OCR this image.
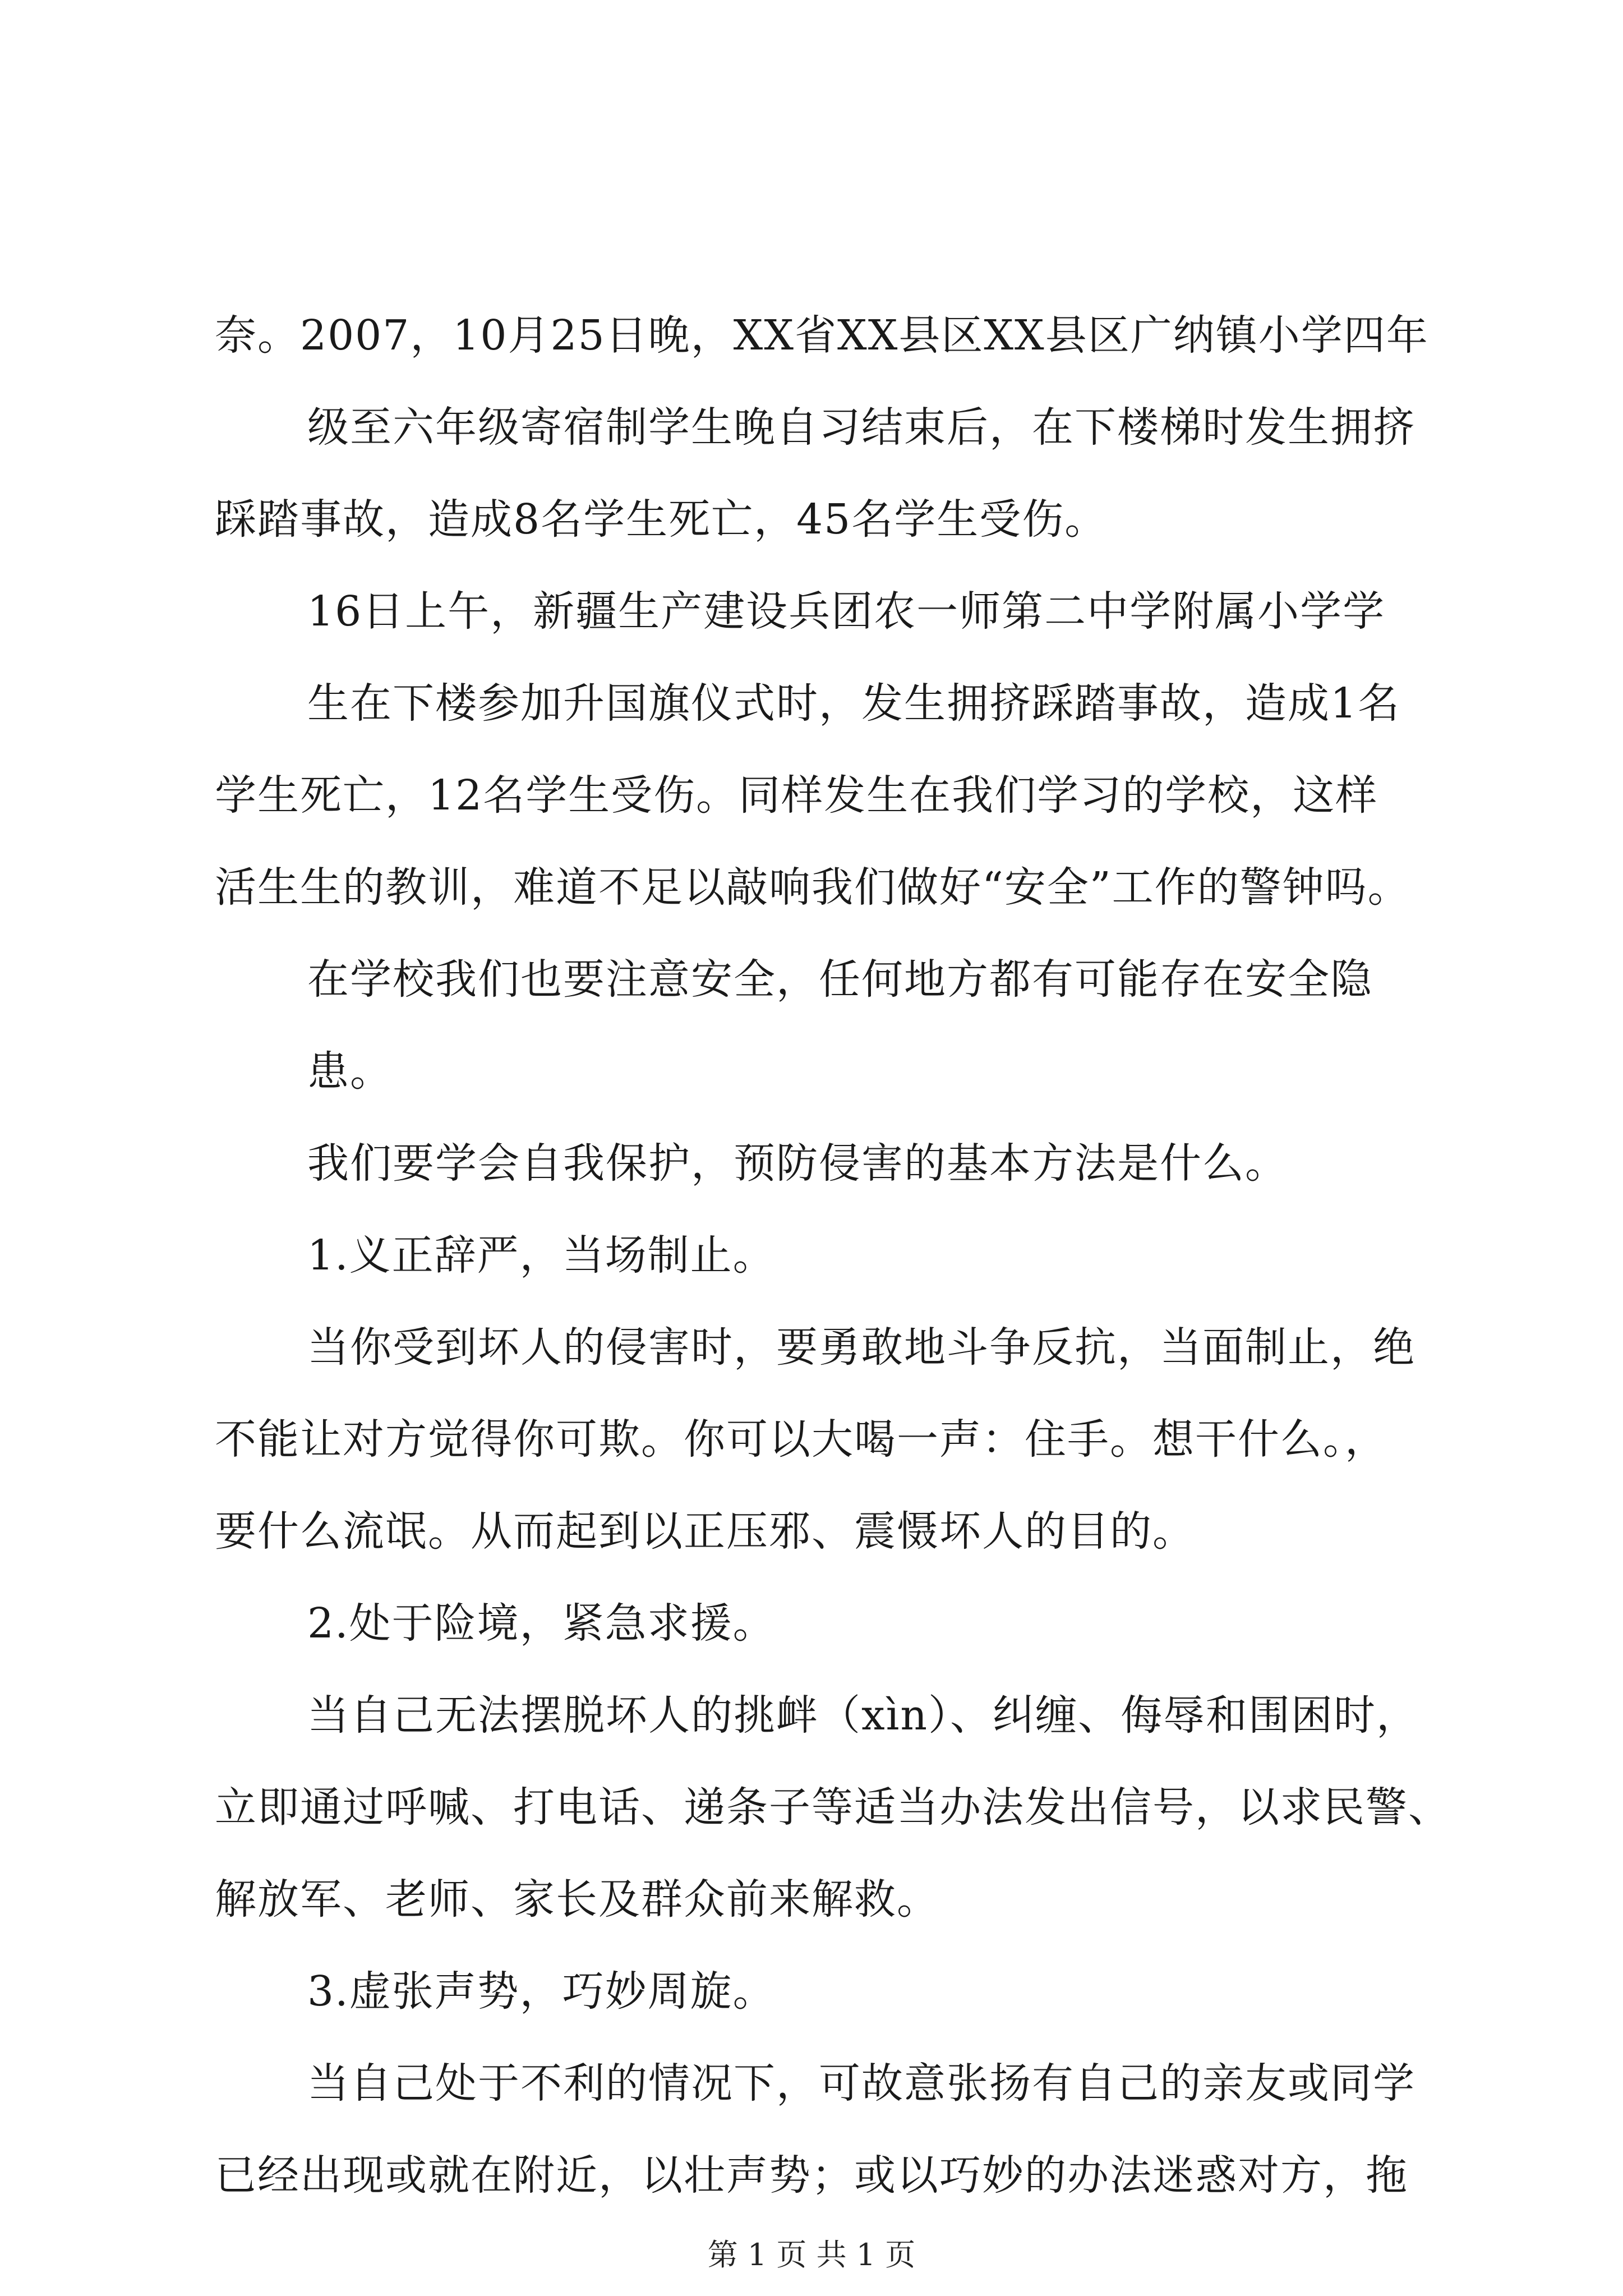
奈。2007，10月25日晚，XX省XX县区XX县区广纳镇小学四年
级至六年级寄宿制学生晚自习结束后，在下楼梯时发生拥挤
踩踏事故，造成8名学生死亡，45名学生受伤。
16日上午，新疆生产建设兵团农一师第二中学附属小学学
生在下楼参加升国旗仪式时，发生拥挤踩踏事故，造成1名
学生死亡，12名学生受伤。同样发生在我们学习的学校，这样
活生生的教训，难道不足以敲响我们做好“安全”工作的警钟吗。
在学校我们也要注意安全，任何地方都有可能存在安全隐
患。
我们要学会自我保护，预防侵害的基本方法是什么。
1.义正辞严，当场制止。
当你受到坏人的侵害时，要勇敢地斗争反抗，当面制止，绝
不能让对方觉得你可欺。你可以大喝一声：住手。想干什么。，
要什么流氓。从而起到以正压邪、震慑坏人的目的。
2.处于险境，紧急求援。
当自己无法摆脱坏人的挑衅（xìn）、纠缠、侮辱和围困时，
立即通过呼喊、打电话、递条子等适当办法发出信号，以求民警、
解放军、老师、家长及群众前来解救。
3.虚张声势，巧妙周旋。
当自己处于不利的情况下，可故意张扬有自己的亲友或同学
已经出现或就在附近，以壮声势；或以巧妙的办法迷惑对方，拖
第 1 页 共 1 页
